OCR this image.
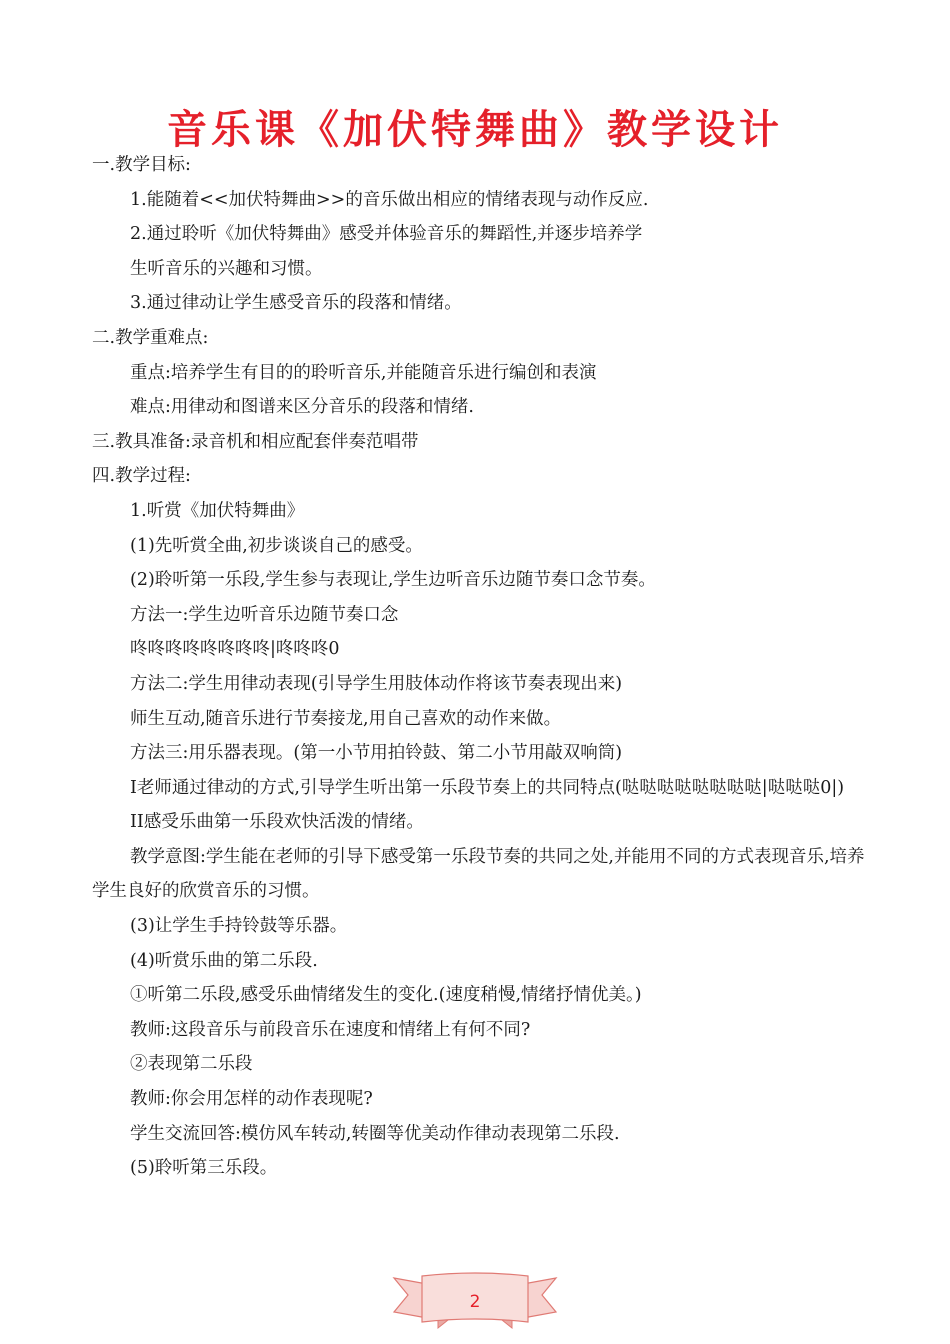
音乐课《加伏特舞曲》教学设计

一.教学目标:

1.能随着<<加伏特舞曲>>的音乐做出相应的情绪表现与动作反应.

2.通过聆听《加伏特舞曲》感受并体验音乐的舞蹈性,并逐步培养学

生听音乐的兴趣和习惯。

3.通过律动让学生感受音乐的段落和情绪。

二.教学重难点:

重点:培养学生有目的的聆听音乐,并能随音乐进行编创和表演

难点:用律动和图谱来区分音乐的段落和情绪.

三.教具准备:录音机和相应配套伴奏范唱带

四.教学过程:

1.听赏《加伏特舞曲》

(1)先听赏全曲,初步谈谈自己的感受。

(2)聆听第一乐段,学生参与表现让,学生边听音乐边随节奏口念节奏。

方法一:学生边听音乐边随节奏口念

咚咚咚咚咚咚咚咚|咚咚咚0

方法二:学生用律动表现(引导学生用肢体动作将该节奏表现出来)

师生互动,随音乐进行节奏接龙,用自己喜欢的动作来做。

方法三:用乐器表现。(第一小节用拍铃鼓、第二小节用敲双响筒)

I老师通过律动的方式,引导学生听出第一乐段节奏上的共同特点(哒哒哒哒哒哒哒哒|哒哒哒0|)

II感受乐曲第一乐段欢快活泼的情绪。

教学意图:学生能在老师的引导下感受第一乐段节奏的共同之处,并能用不同的方式表现音乐,培养学生良好的欣赏音乐的习惯。

(3)让学生手持铃鼓等乐器。

(4)听赏乐曲的第二乐段.

①听第二乐段,感受乐曲情绪发生的变化.(速度稍慢,情绪抒情优美。)

教师:这段音乐与前段音乐在速度和情绪上有何不同?

②表现第二乐段

教师:你会用怎样的动作表现呢?

学生交流回答:模仿风车转动,转圈等优美动作律动表现第二乐段.

(5)聆听第三乐段。

2
